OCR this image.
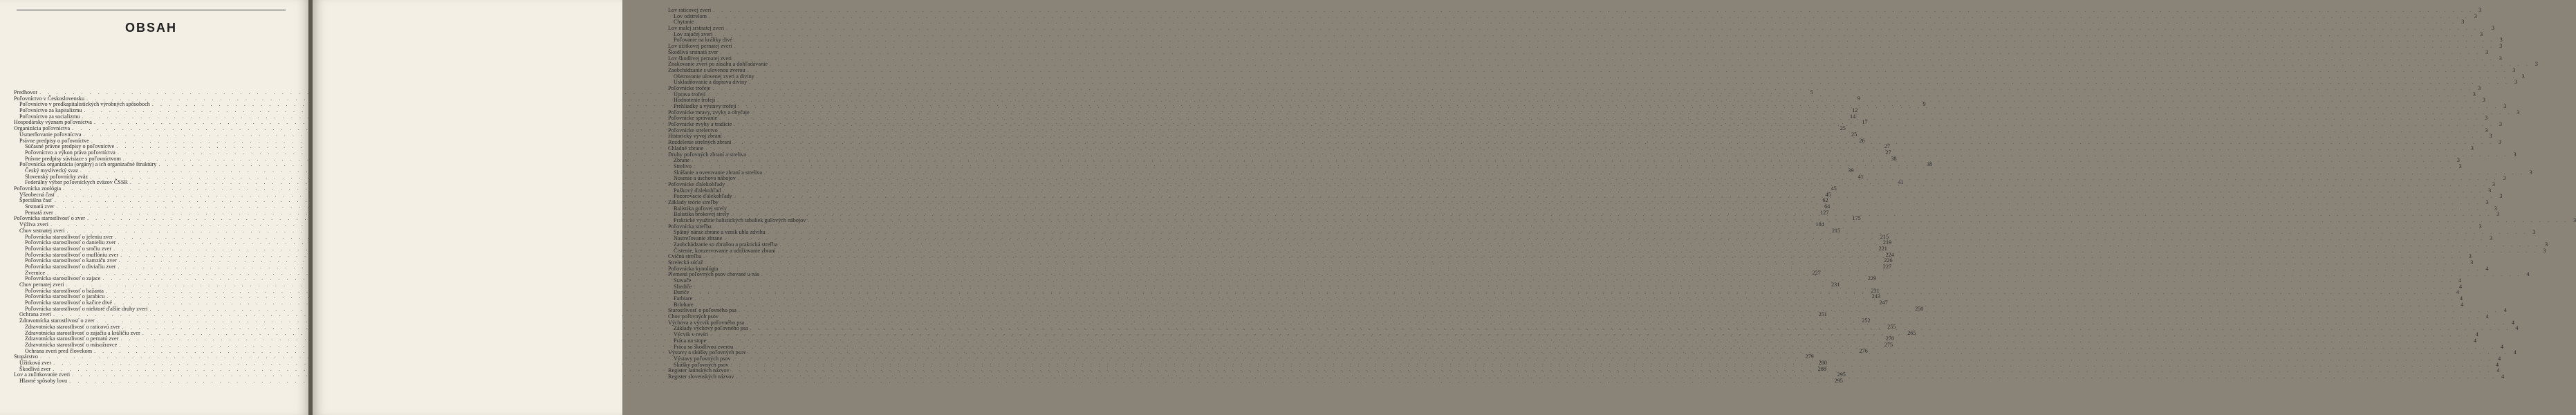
OBSAH
Predhovor . . .	5
Poľovníctvo v Československu . . .	9
Poľovníctvo v predkapitalistických výrobných spôsoboch . . .	9
Poľovníctvo za kapitalizmu . . .	12
Poľovníctvo za socializmu . . .	14
Hospodársky význam poľovníctva . . .	17
Organizácia poľovníctva . . .	25
Usmerňovanie poľovníctva . . .	25
Právne predpisy o poľovníctve . . .	26
Súčasné právne predpisy o poľovníctve . . .	27
Poľovníctvo a výkon práva poľovníctva . . .	27
Právne predpisy súvisiace s poľovníctvom . . .	38
Poľovnícka organizácia (orgány) a ich organizačné štruktúry . . .	38
Český myslivecký svaz . . .	39
Slovenský poľovnícky zväz . . .	41
Federálny výbor poľovníckych zväzov ČSSR . . .	41
Poľovnícka zoológia . . .	45
Všeobecná časť . . .	45
Špeciálna časť . . .	62
Srstnatá zver . . .	64
Pernatá zver . . .	127
Poľovnícka starostlivosť o zver . . .	175
Výživa zveri . . .	184
Chov srstnatej zveri . . .	215
Poľovnícka starostlivosť o jeleniu zver . . .	215
Poľovnícka starostlivosť o danieliu zver . . .	219
Poľovnícka starostlivosť o srnčiu zver . . .	221
Poľovnícka starostlivosť o muflóniu zver . . .	224
Poľovnícka starostlivosť o kamziču zver . . .	226
Poľovnícka starostlivosť o diviačiu zver . . .	227
Zvernice . . .	227
Poľovnícka starostlivosť o zajace . . .	229
Chov pernatej zveri . . .	231
Poľovnícka starostlivosť o bažanta . . .	231
Poľovnícka starostlivosť o jarabicu . . .	243
Poľovnícka starostlivosť o kačice divé . . .	247
Poľovnícka starostlivosť o niektoré ďalšie druhy zveri . . .	250
Ochrana zveri . . .	251
Zdravotnícka starostlivosť o zver . . .	252
Zdravotnícka starostlivosť o raticovú zver . . .	255
Zdravotnícka starostlivosť o zajačiu a králičiu zver . . .	265
Zdravotnícka starostlivosť o pernatú zver . . .	270
Zdravotnícka starostlivosť o mäsožravce . . .	275
Ochrana zveri pred človekom . . .	276
Stopárstvo . . .	279
Úžitková zver . . .	280
Škodlivá zver . . .	288
Lov a zužitkovanie zveri . . .	295
Hlavné spôsoby lovu . . .	295
Lov raticovej zveri . . .	3
Lov odstrelom . . .	3
Chytanie . . .	3
Lov malej srstnatej zveri . . .	3
Lov zajačej zveri . . .	3
Poľovanie na králiky divé . . .	3
Lov úžitkovej pernatej zveri . . .	3
Škodlivá srstnatá zver . . .	3
Lov škodlivej pernatej zveri . . .	3
Znakovanie zveri po zásahu a dohľadávanie . . .	3
Zaobchádzanie s ulovenou zverou . . .	3
Ošetrovanie ulovenej zveri a diviny . . .	3
Uskladňovanie a doprava diviny . . .	3
Poľovnícke trofeje . . .	3
Úprava trofejí . . .	3
Hodnotenie trofejí . . .	3
Prehliadky a výstavy trofejí . . .	3
Poľovnícke mravy, zvyky a obyčaje . . .	3
Poľovnícke správanie . . .	3
Poľovnícke zvyky a tradície . . .	3
Poľovnícke strelectvo . . .	3
Historický vývoj zbraní . . .	3
Rozdelenie strelných zbraní . . .	3
Chladné zbrane . . .	3
Druhy poľovných zbraní a streliva . . .	3
Zbrane . . .	3
Strelivo . . .	3
Skúšanie a overovanie zbraní a streliva . . .	3
Nosenie a úschova nábojov . . .	3
Poľovnícke ďalekohľady . . .	3
Puškový ďalekohľad . . .	3
Pozorovacie ďalekohľady . . .	3
Základy teórie streľby . . .	3
Balistika guľovej strely . . .	3
Balistika brokovej strely . . .	3
Praktické využitie balistických tabuliek guľových nábojov . . .	3
Poľovnícka streľba . . .	3
Spätný náraz zbrane a vznik uhla zdvihu . . .	3
Nastreľovanie zbrane . . .	3
Zaobchádzanie so zbraňou a praktická streľba . . .	3
Čistenie, konzervovanie a udržiavanie zbraní . . .	3
Cvičná streľba . . .	3
Strelecká súťaž . . .	3
Poľovnícka kynológia . . .	4
Plemená poľovných psov chované u nás . . .	4
Stavače . . .	4
Sliediče . . .	4
Duriče . . .	4
Farbiare . . .	4
Brlohare . . .	4
Starostlivosť o poľovného psa . . .	4
Chov poľovných psov . . .	4
Výchova a výcvik poľovného psa . . .	4
Základy výchovy poľovného psa . . .	4
Výcvik v revíri . . .	4
Práca na stope . . .	4
Práca so škodlivou zverou . . .	4
Výstavy a skúšky poľovných psov . . .	4
Výstavy poľovných psov . . .	4
Skúšky poľovných psov . . .	4
Register latinských názvov . . .	4
Register slovenských názvov . . .	4
